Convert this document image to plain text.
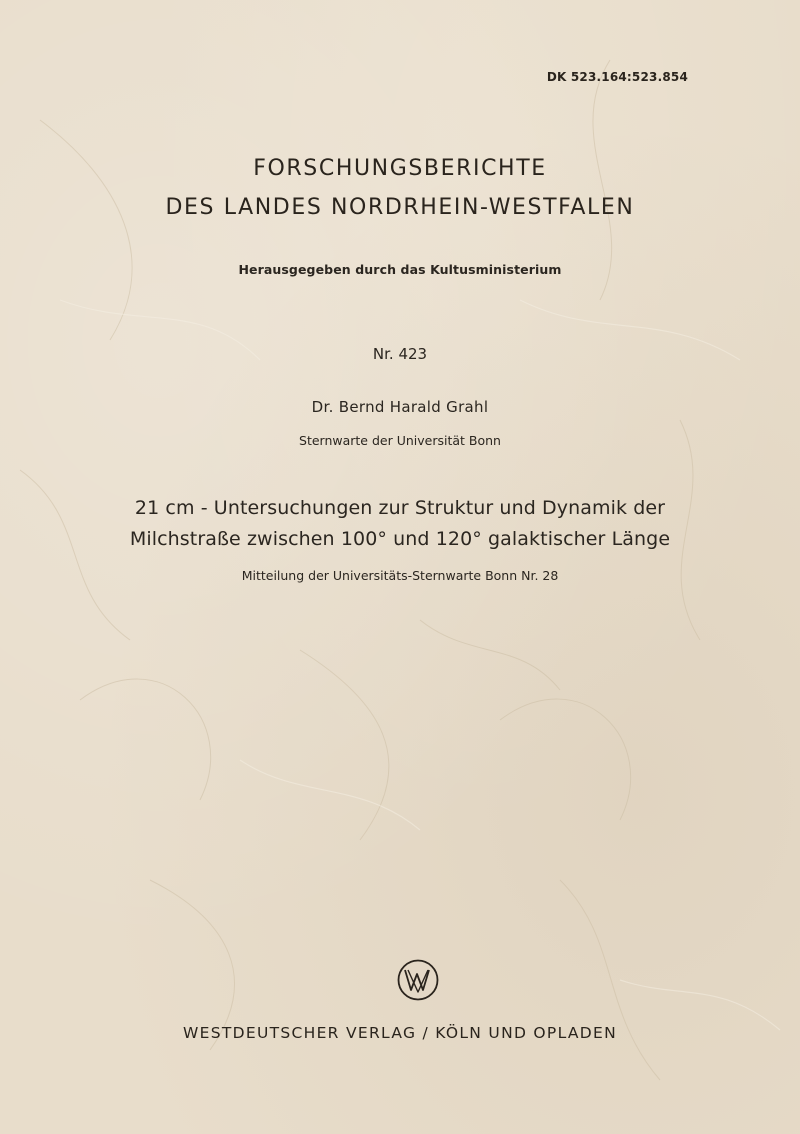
DK 523.164:523.854
FORSCHUNGSBERICHTE
DES LANDES NORDRHEIN-WESTFALEN
Herausgegeben durch das Kultusministerium
Nr. 423
Dr. Bernd Harald Grahl
Sternwarte der Universität Bonn
21 cm - Untersuchungen zur Struktur und Dynamik der
Milchstraße zwischen 100° und 120° galaktischer Länge
Mitteilung der Universitäts-Sternwarte Bonn Nr. 28
WESTDEUTSCHER VERLAG / KÖLN UND OPLADEN
